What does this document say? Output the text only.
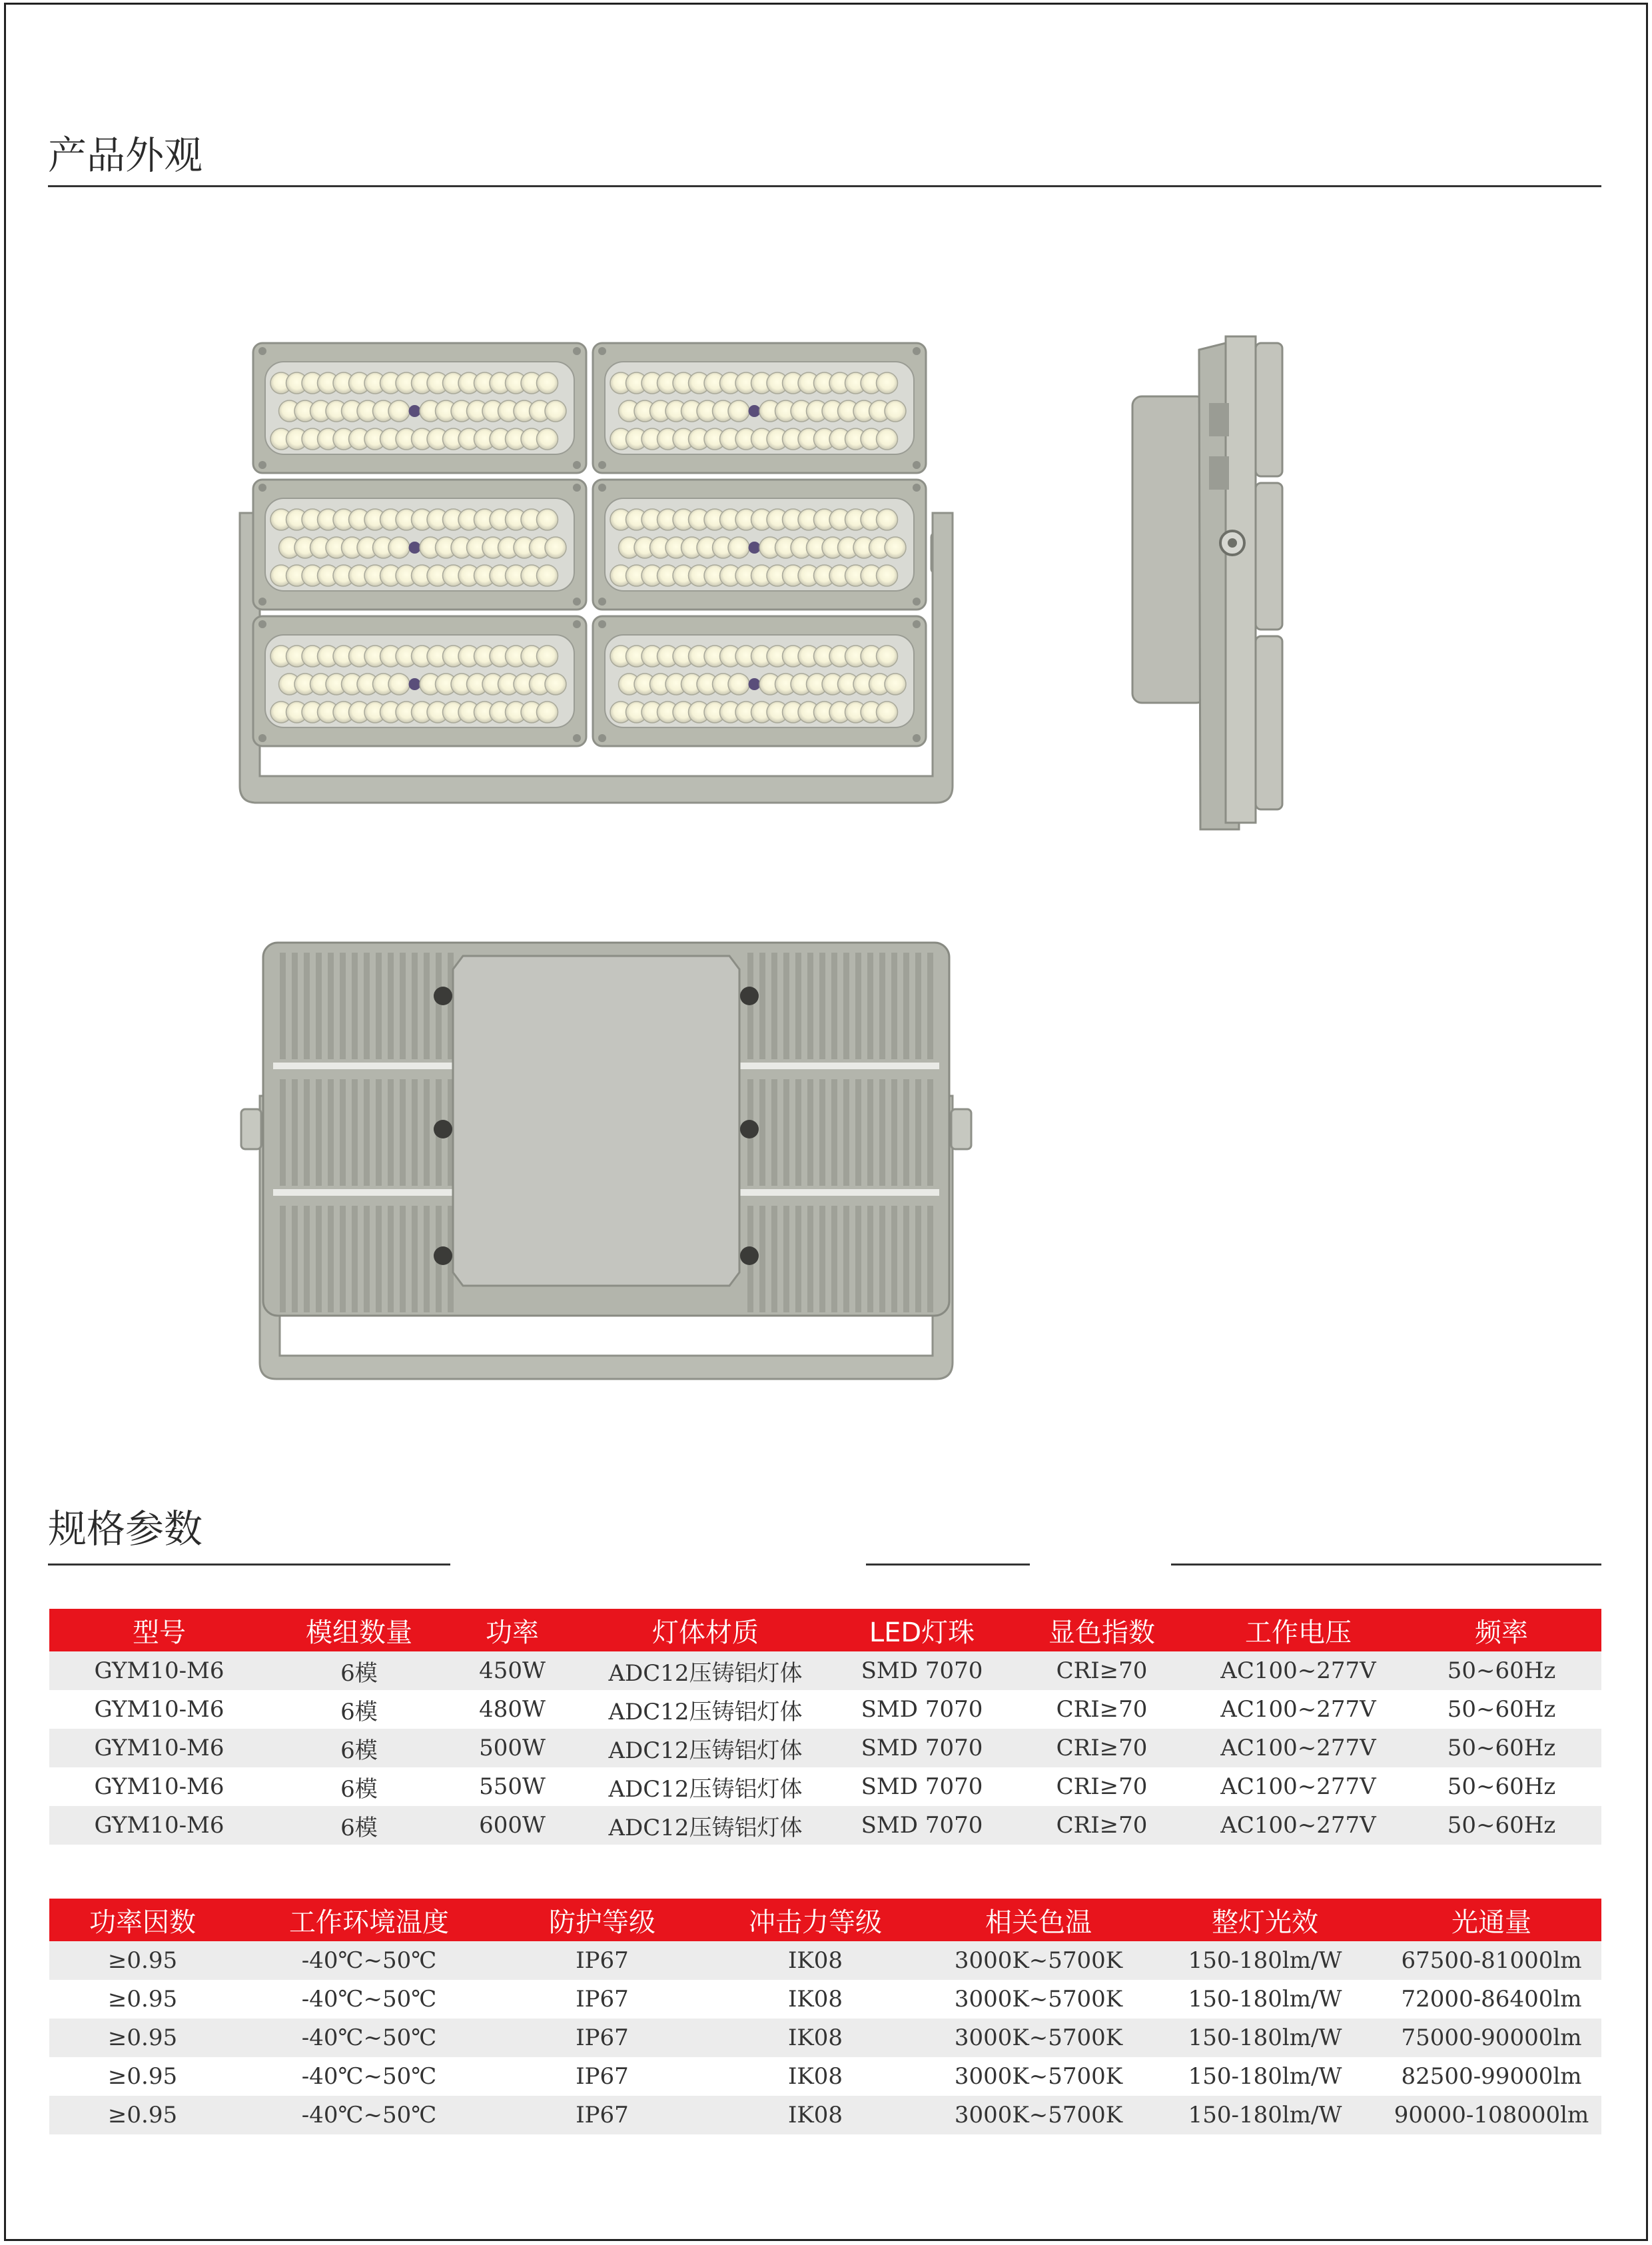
产品外观
规格参数
型号	模组数量	功率	灯体材质	LED灯珠	显色指数	工作电压	频率
GYM10-M6	6模	450W	ADC12压铸铝灯体	SMD 7070	CRI≥70	AC100~277V	50~60Hz
GYM10-M6	6模	480W	ADC12压铸铝灯体	SMD 7070	CRI≥70	AC100~277V	50~60Hz
GYM10-M6	6模	500W	ADC12压铸铝灯体	SMD 7070	CRI≥70	AC100~277V	50~60Hz
GYM10-M6	6模	550W	ADC12压铸铝灯体	SMD 7070	CRI≥70	AC100~277V	50~60Hz
GYM10-M6	6模	600W	ADC12压铸铝灯体	SMD 7070	CRI≥70	AC100~277V	50~60Hz
功率因数	工作环境温度	防护等级	冲击力等级	相关色温	整灯光效	光通量
≥0.95	-40℃~50℃	IP67	IK08	3000K~5700K	150-180lm/W	67500-81000lm
≥0.95	-40℃~50℃	IP67	IK08	3000K~5700K	150-180lm/W	72000-86400lm
≥0.95	-40℃~50℃	IP67	IK08	3000K~5700K	150-180lm/W	75000-90000lm
≥0.95	-40℃~50℃	IP67	IK08	3000K~5700K	150-180lm/W	82500-99000lm
≥0.95	-40℃~50℃	IP67	IK08	3000K~5700K	150-180lm/W	90000-108000lm
